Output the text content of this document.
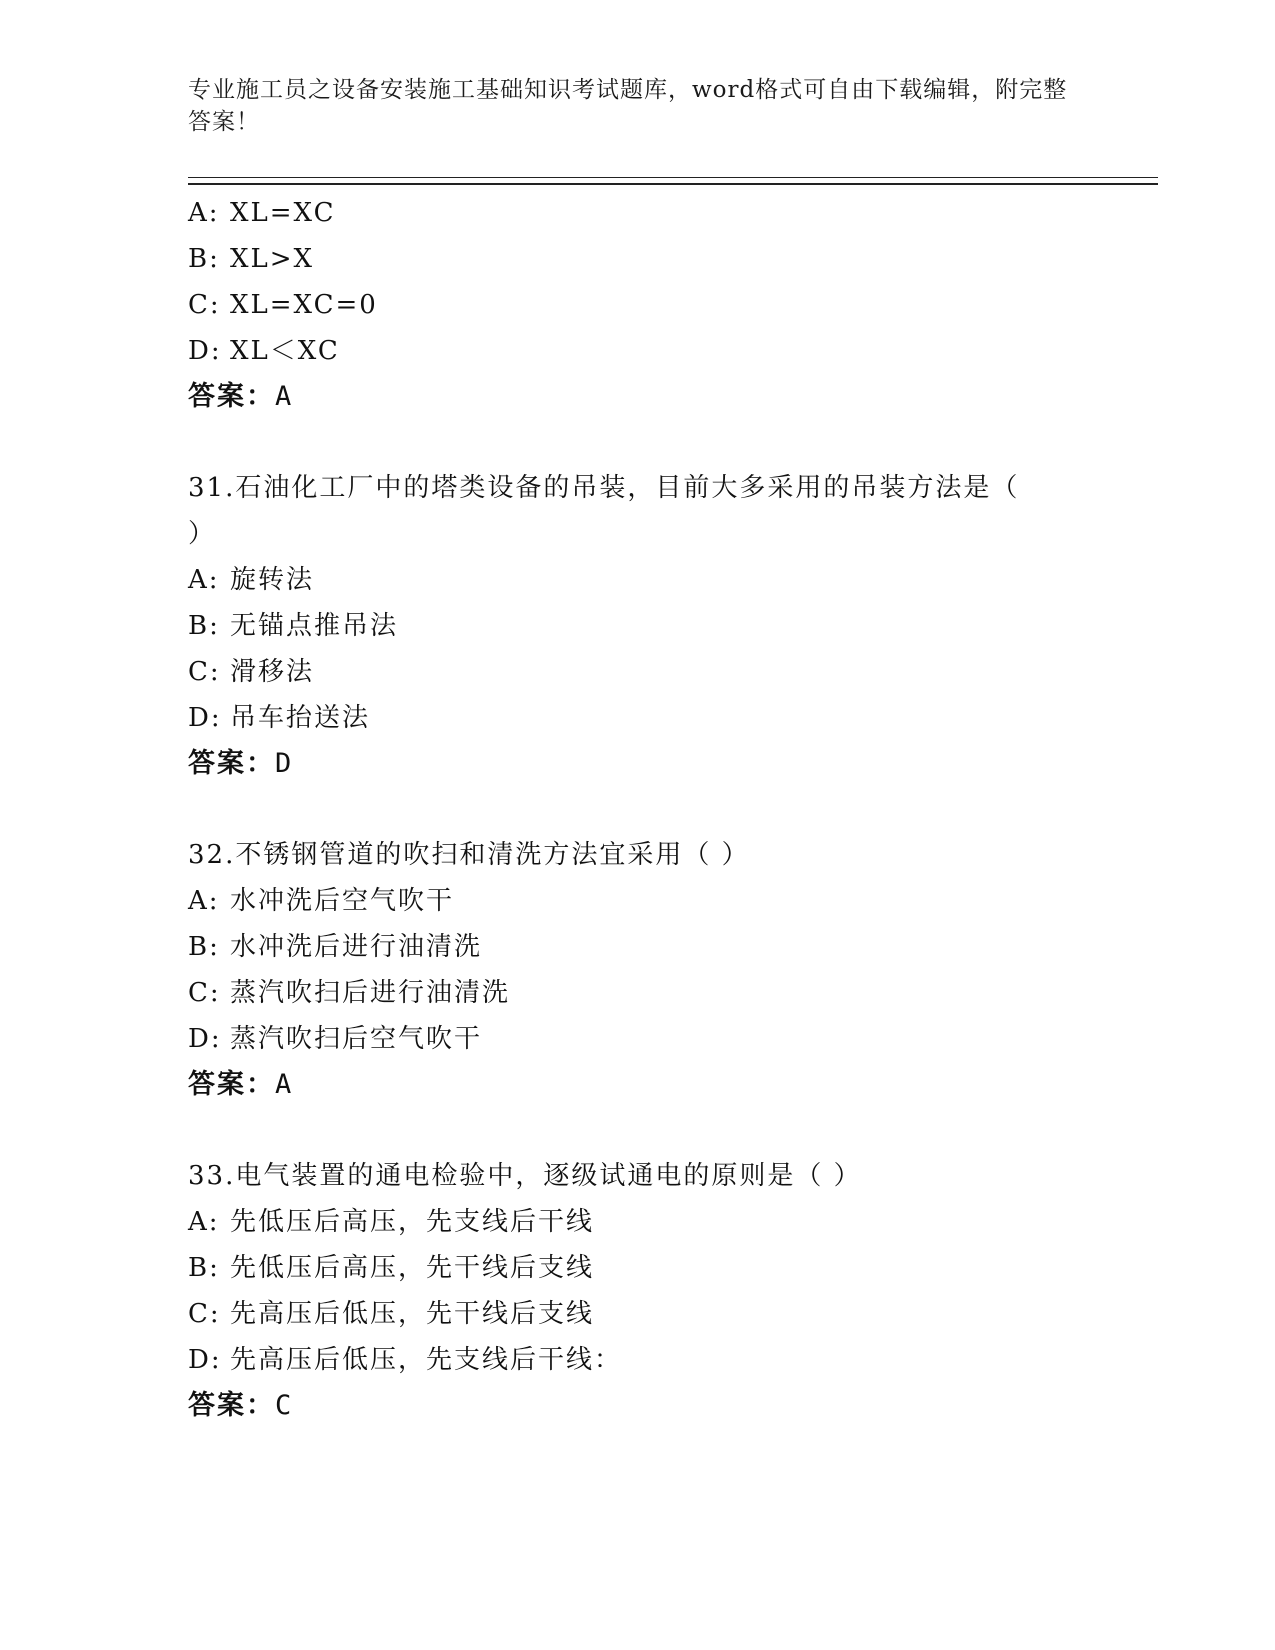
专业施工员之设备安装施工基础知识考试题库，word格式可自由下载编辑，附完整答案！
A: XL=XC
B: XL>X
C: XL=XC=0
D: XL＜XC
答案：A
31.石油化工厂中的塔类设备的吊装，目前大多采用的吊装方法是（
）
A: 旋转法
B: 无锚点推吊法
C: 滑移法
D: 吊车抬送法
答案：D
32.不锈钢管道的吹扫和清洗方法宜采用（ ）
A: 水冲洗后空气吹干
B: 水冲洗后进行油清洗
C: 蒸汽吹扫后进行油清洗
D: 蒸汽吹扫后空气吹干
答案：A
33.电气装置的通电检验中，逐级试通电的原则是（ ）
A: 先低压后高压，先支线后干线
B: 先低压后高压，先干线后支线
C: 先高压后低压，先干线后支线
D: 先高压后低压，先支线后干线：
答案：C
